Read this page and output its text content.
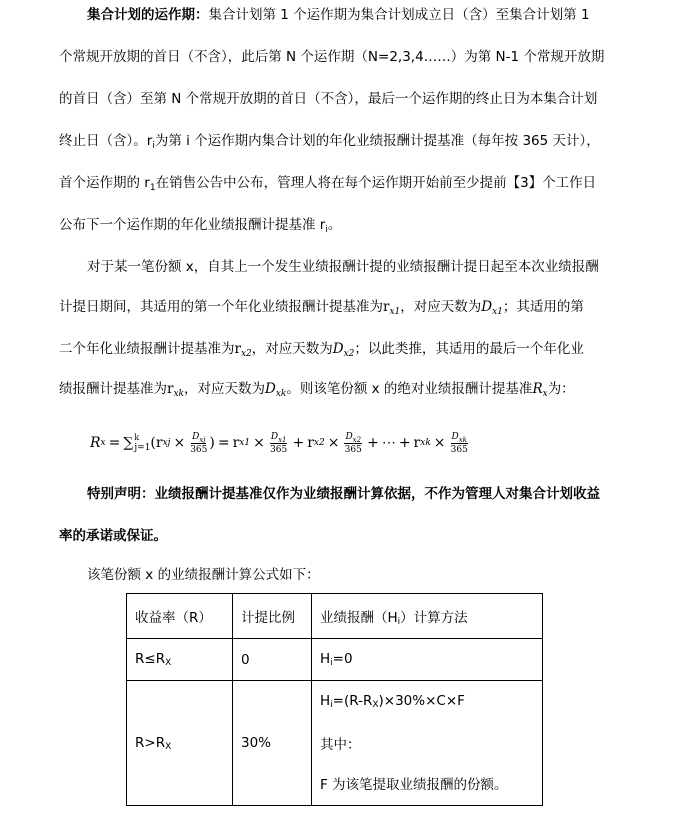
集合计划的运作期：集合计划第 1 个运作期为集合计划成立日（含）至集合计划第 1
个常规开放期的首日（不含），此后第 N 个运作期（N=2,3,4……）为第 N-1 个常规开放期
的首日（含）至第 N 个常规开放期的首日（不含），最后一个运作期的终止日为本集合计划
终止日（含）。$r_i$为第 i 个运作期内集合计划的年化业绩报酬计提基准（每年按 365 天计），
首个运作期的 $r_1$在销售公告中公布，管理人将在每个运作期开始前至少提前【3】个工作日
公布下一个运作期的年化业绩报酬计提基准 $r_i$。
对于某一笔份额 x，自其上一个发生业绩报酬计提的业绩报酬计提日起至本次业绩报酬
计提日期间，其适用的第一个年化业绩报酬计提基准为$r_{x1}$，对应天数为$D_{x1}$；其适用的第
二个年化业绩报酬计提基准为$r_{x2}$，对应天数为$D_{x2}$；以此类推，其适用的最后一个年化业
绩报酬计提基准为$r_{xk}$，对应天数为$D_{xk}$。则该笔份额 x 的绝对业绩报酬计提基准$R_x$为：
R x = ∑ k
j=1 ( r xj × $\frac{D_{xj}}{365}$ ) = r $x1 \times \frac{D_{x1}}{365} + r$ $x2 \times \frac{D_{x2}}{365}$ + ⋯ + r xk × $\frac{D_{xk}}{365}$
特别声明：业绩报酬计提基准仅作为业绩报酬计算依据，不作为管理人对集合计划收益
率的承诺或保证。
该笔份额 x 的业绩报酬计算公式如下：
收益率（R）	计提比例	业绩报酬（Hi）计算方法
R≤RX	0	Hi=0
R>RX	30%	Hi=(R-RX)×30%×C×F
其中：
F 为该笔提取业绩报酬的份额。
